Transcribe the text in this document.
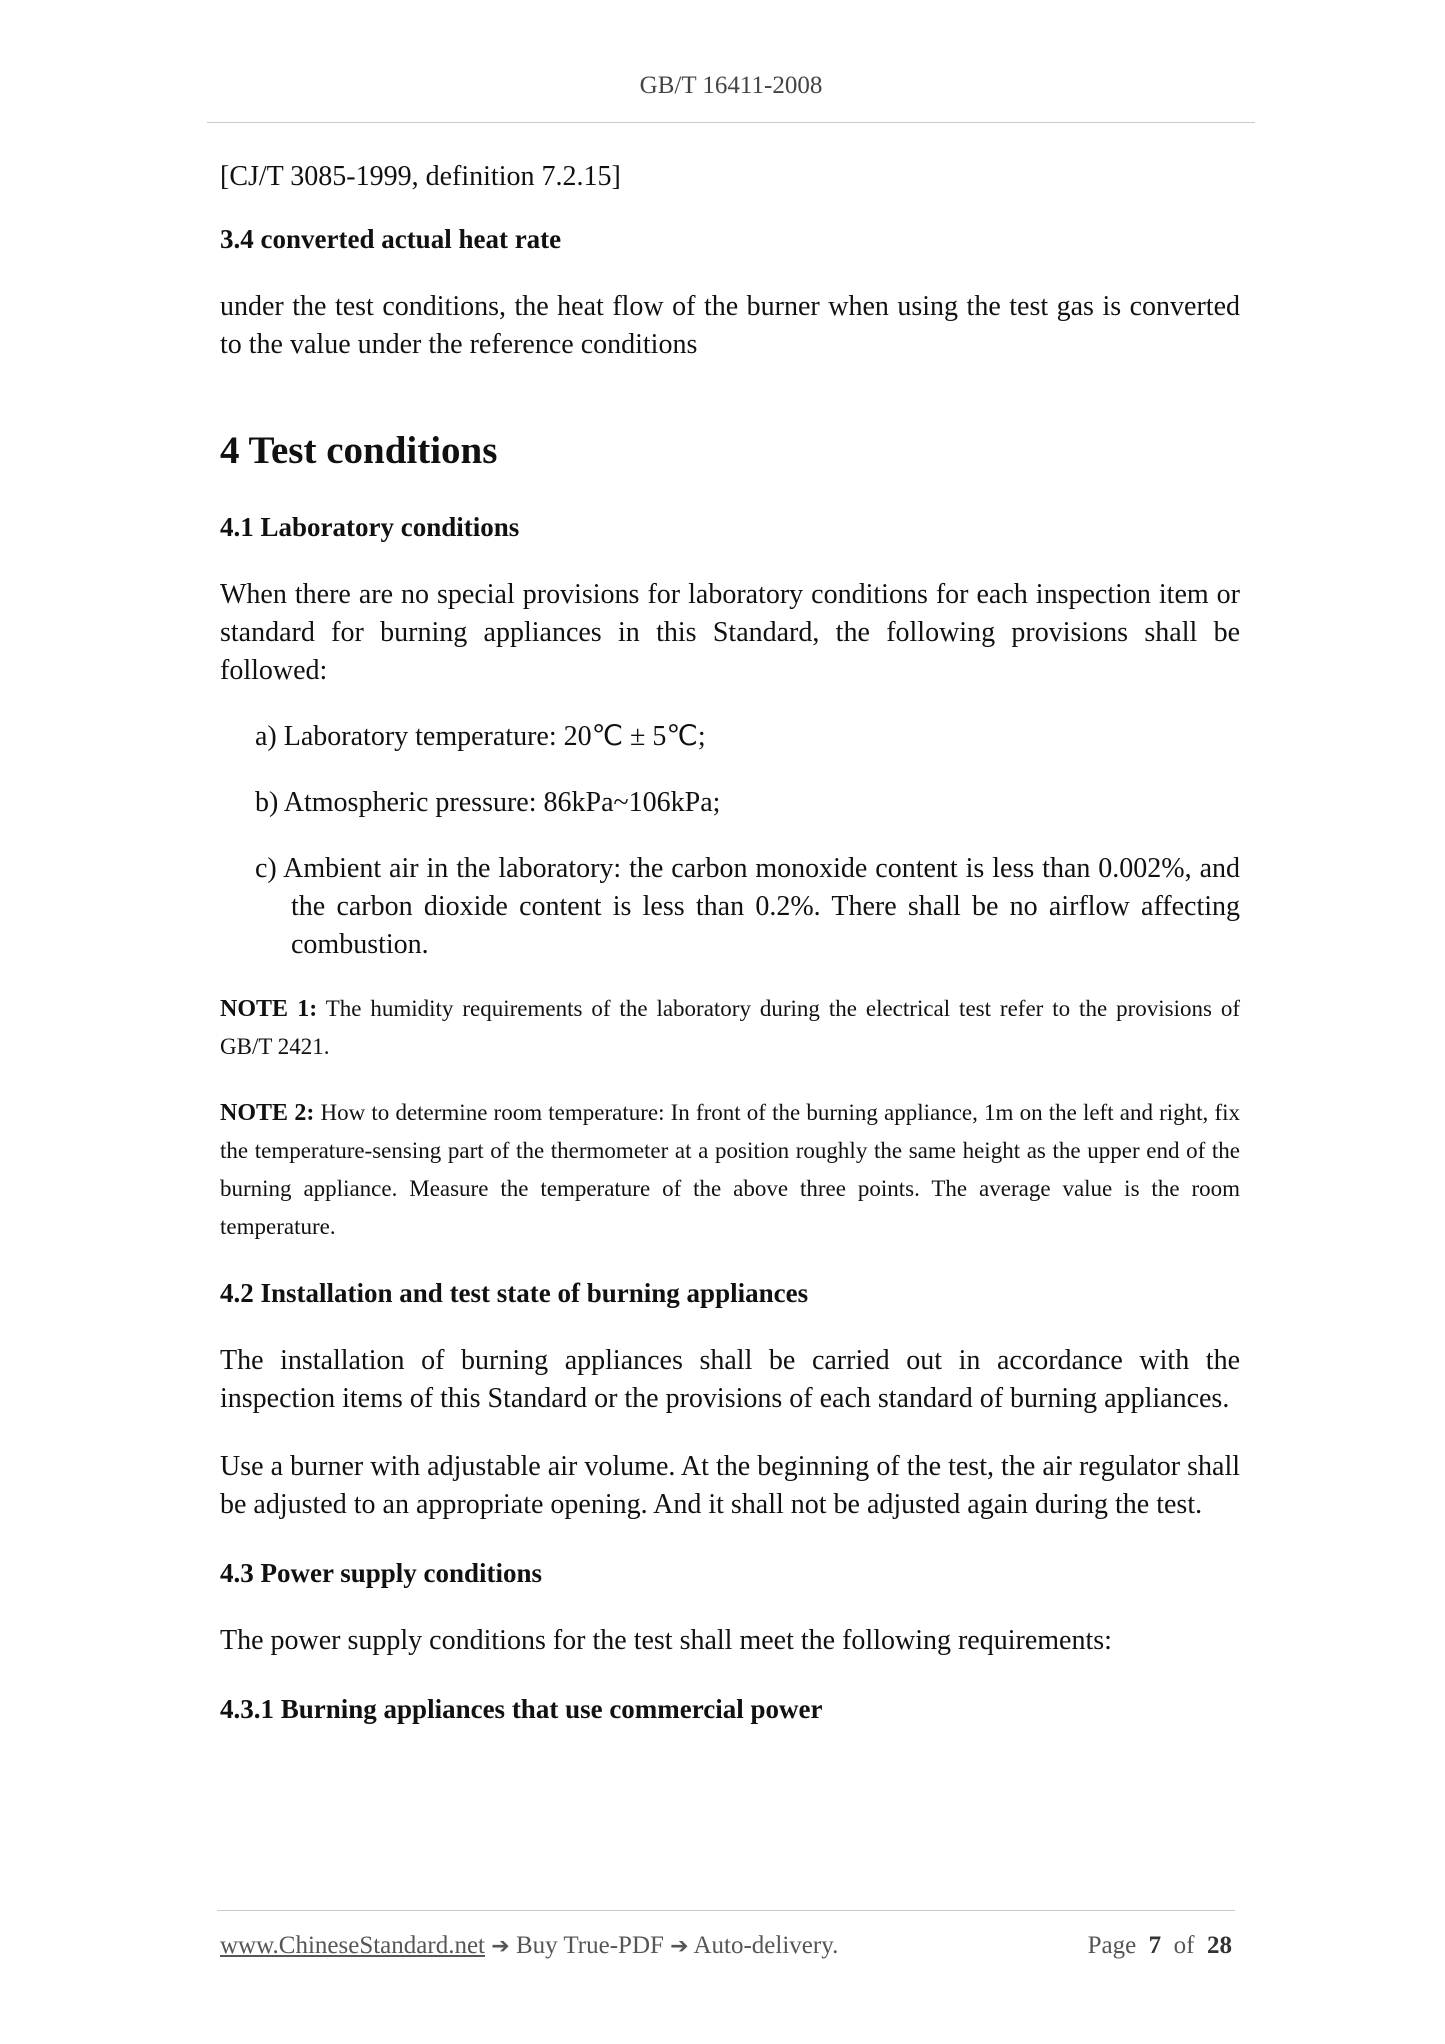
GB/T 16411-2008

[CJ/T 3085-1999, definition 7.2.15]

3.4 converted actual heat rate

under the test conditions, the heat flow of the burner when using the test gas is converted to the value under the reference conditions

4 Test conditions

4.1 Laboratory conditions

When there are no special provisions for laboratory conditions for each inspection item or standard for burning appliances in this Standard, the following provisions shall be followed:

a) Laboratory temperature: 20℃ ± 5℃;

b) Atmospheric pressure: 86kPa~106kPa;

c) Ambient air in the laboratory: the carbon monoxide content is less than 0.002%, and the carbon dioxide content is less than 0.2%. There shall be no airflow affecting combustion.

NOTE 1: The humidity requirements of the laboratory during the electrical test refer to the provisions of GB/T 2421.

NOTE 2: How to determine room temperature: In front of the burning appliance, 1m on the left and right, fix the temperature-sensing part of the thermometer at a position roughly the same height as the upper end of the burning appliance. Measure the temperature of the above three points. The average value is the room temperature.

4.2 Installation and test state of burning appliances

The installation of burning appliances shall be carried out in accordance with the inspection items of this Standard or the provisions of each standard of burning appliances.

Use a burner with adjustable air volume. At the beginning of the test, the air regulator shall be adjusted to an appropriate opening. And it shall not be adjusted again during the test.

4.3 Power supply conditions

The power supply conditions for the test shall meet the following requirements:

4.3.1 Burning appliances that use commercial power

www.ChineseStandard.net ➔ Buy True-PDF ➔ Auto-delivery.	Page 7 of 28
